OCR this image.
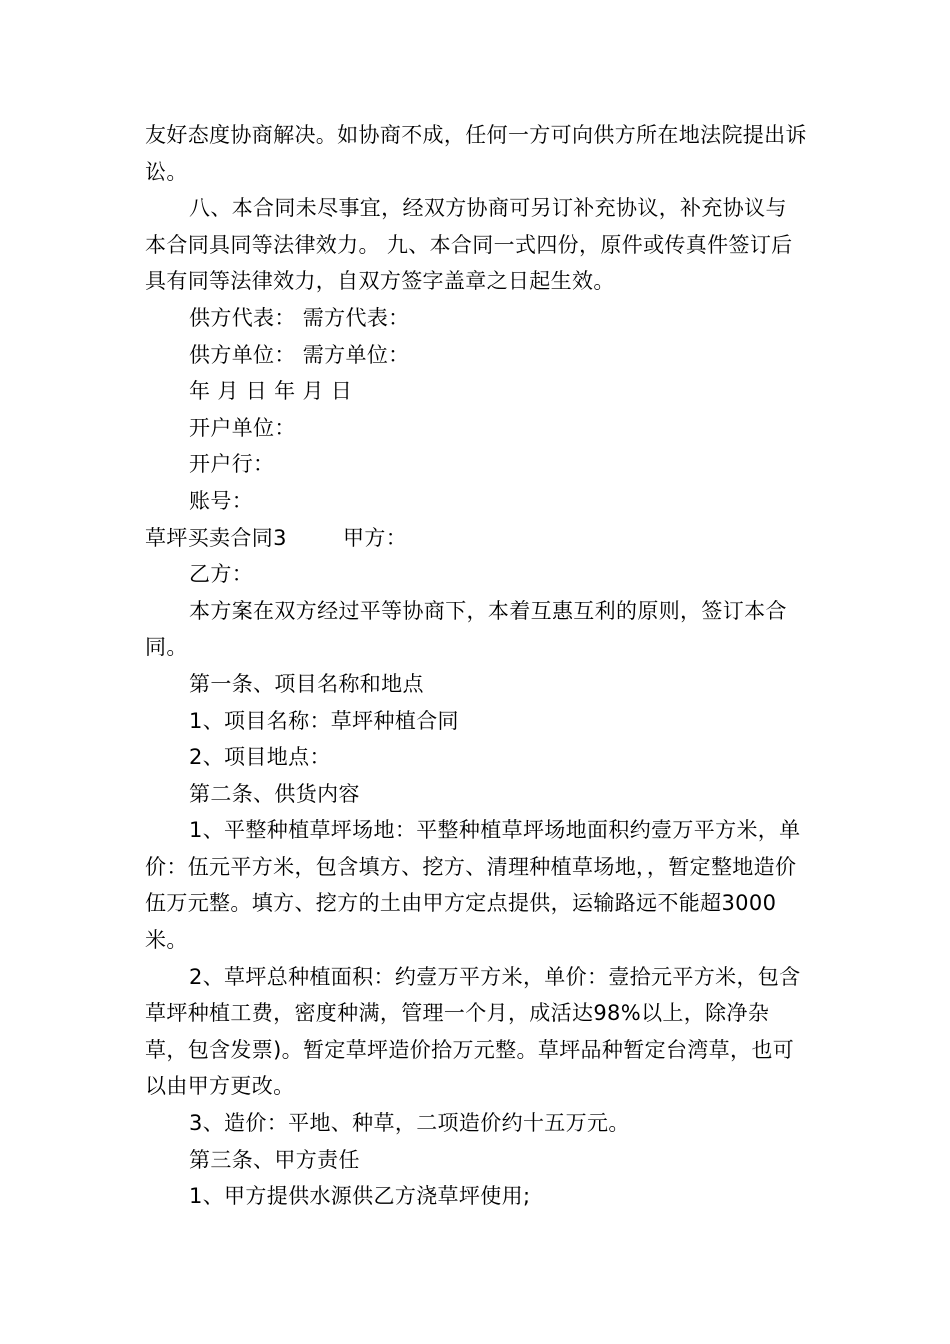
友好态度协商解决。如协商不成，任何一方可向供方所在地法院提出诉讼。

八、本合同未尽事宜，经双方协商可另订补充协议，补充协议与本合同具同等法律效力。 九、本合同一式四份，原件或传真件签订后具有同等法律效力，自双方签字盖章之日起生效。

供方代表： 需方代表：

供方单位： 需方单位：

年 月 日 年 月 日

开户单位：

开户行：

账号：

草坪买卖合同3        甲方：

乙方：

本方案在双方经过平等协商下，本着互惠互利的原则，签订本合同。

第一条、项目名称和地点

1、项目名称：草坪种植合同

2、项目地点：

第二条、供货内容

1、平整种植草坪场地：平整种植草坪场地面积约壹万平方米，单价：伍元平方米，包含填方、挖方、清理种植草场地，，暂定整地造价伍万元整。填方、挖方的土由甲方定点提供，运输路远不能超3000米。

2、草坪总种植面积：约壹万平方米，单价：壹拾元平方米，包含草坪种植工费，密度种满，管理一个月，成活达98%以上，除净杂草，包含发票)。暂定草坪造价拾万元整。草坪品种暂定台湾草，也可以由甲方更改。

3、造价：平地、种草，二项造价约十五万元。

第三条、甲方责任

1、甲方提供水源供乙方浇草坪使用;
